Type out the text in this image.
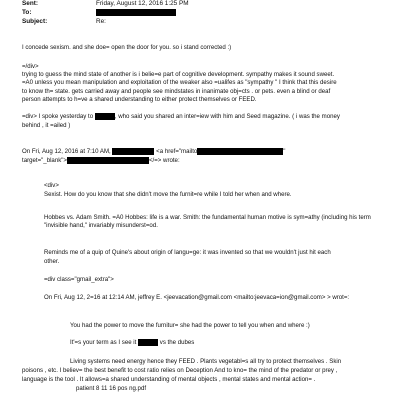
Sent:	Friday, August 12, 2016 1:25 PM
To:
Subject:	Re:
I concede sexism. and she doe= open the door for you. so i stand corrected :)
=/div>
trying to guess the mind state of another is i belie=e part of cognitive development. sympathy makes it sound sweet.
=A0 unless you mean manipulation and exploitation of the weaker also =ualifes as "sympathy " I think that this desire
to know th= state. gets carried away and people see mindstates in inanimate obj=cts . or pets. even a blind or deaf
person attempts to h=ve a shared understanding to either protect themselves or FEED.
=div> I spoke yesterday to	, who said you shared an inter=iew with him and Seed magazine. ( i was the money
behind , it =ailed )
On Fri, Aug 12, 2016 at 7:10 AM,	<a href="mailto	"
target="_blank">	</=> wrote:
<div>
Sexist. How do you know that she didn't move the furnit=re while I told her when and where.
Hobbes vs. Adam Smith. =A0 Hobbes: life is a war. Smith: the fundamental human motive is sym=athy (including his term "invisible hand," invariably misunderst=od.
Reminds me of a quip of Quine's about origin of langu=ge: it was invented so that we wouldn't just hit each
other.
=div class="gmail_extra">
On Fri, Aug 12, 2=16 at 12:14 AM, jeffrey E. <jeevacation@gmail.com <mailto:jeevaca=ion@gmail.com> > wrot=:
You had the power to move the furnitur= she had the power to tell you when and where :)
It'=s your term as I see it	vs the dubes
Living systems need energy hence they FEED . Plants vegetabl=s all try to protect themselves . Skin
poisons , etc. I believ= the best benefit to cost ratio relies on Deception And to kno= the mind of the predator or prey ,
language is the tool . It allows=a shared understanding of mental objects , mental states and mental action= .
patient 8 11 16 pos ng.pdf
